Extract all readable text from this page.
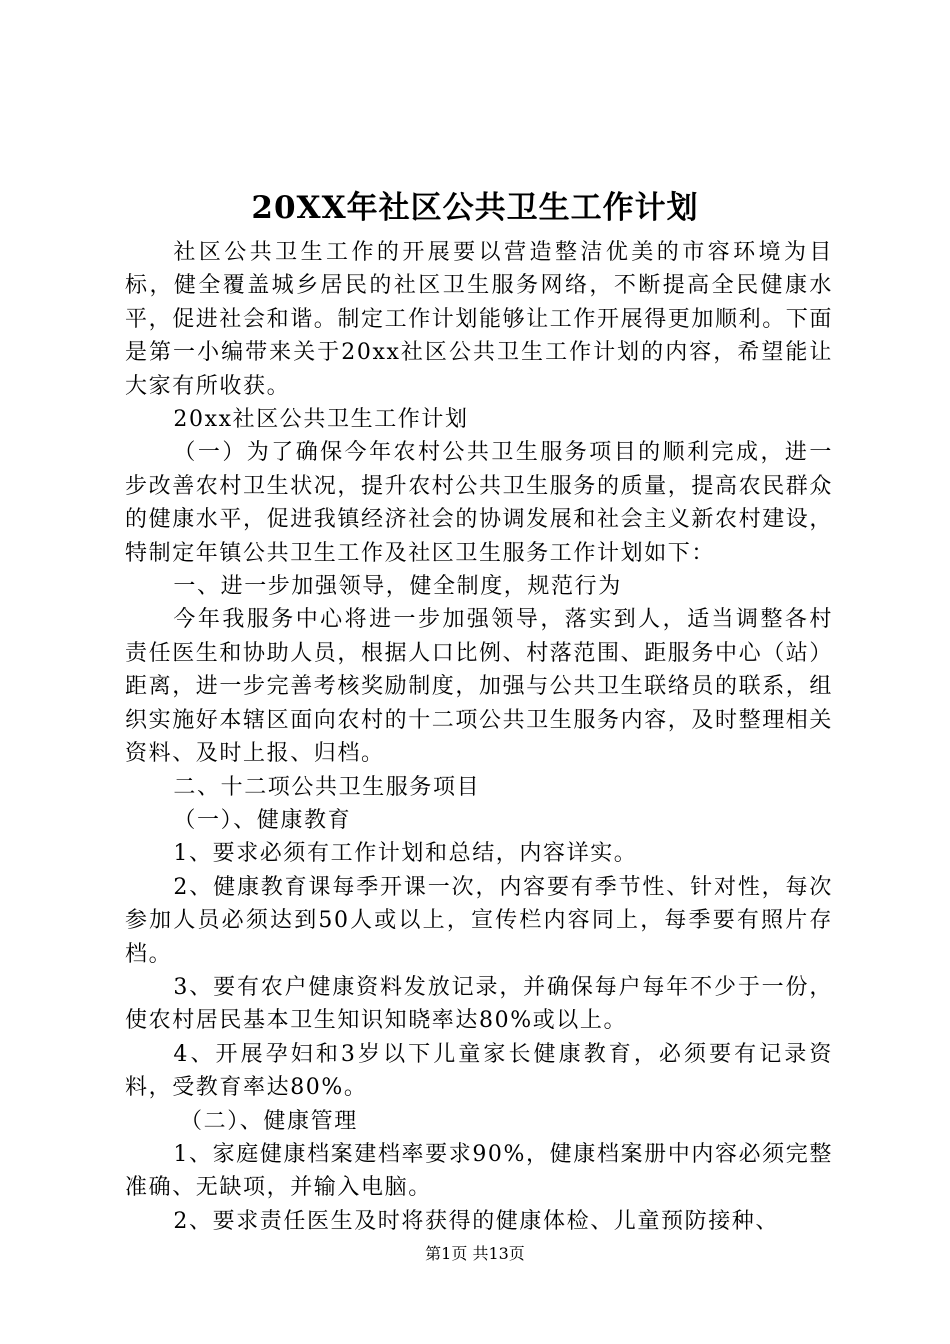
20XX年社区公共卫生工作计划

社区公共卫生工作的开展要以营造整洁优美的市容环境为目标，健全覆盖城乡居民的社区卫生服务网络，不断提高全民健康水平，促进社会和谐。制定工作计划能够让工作开展得更加顺利。下面是第一小编带来关于20xx社区公共卫生工作计划的内容，希望能让大家有所收获。

20xx社区公共卫生工作计划

（一）为了确保今年农村公共卫生服务项目的顺利完成，进一步改善农村卫生状况，提升农村公共卫生服务的质量，提高农民群众的健康水平，促进我镇经济社会的协调发展和社会主义新农村建设，特制定年镇公共卫生工作及社区卫生服务工作计划如下：

一、进一步加强领导，健全制度，规范行为

今年我服务中心将进一步加强领导，落实到人，适当调整各村责任医生和协助人员，根据人口比例、村落范围、距服务中心（站）距离，进一步完善考核奖励制度，加强与公共卫生联络员的联系，组织实施好本辖区面向农村的十二项公共卫生服务内容，及时整理相关资料、及时上报、归档。

二、十二项公共卫生服务项目

（一）、健康教育

1、要求必须有工作计划和总结，内容详实。

2、健康教育课每季开课一次，内容要有季节性、针对性，每次参加人员必须达到50人或以上，宣传栏内容同上，每季要有照片存档。

3、要有农户健康资料发放记录，并确保每户每年不少于一份，使农村居民基本卫生知识知晓率达80%或以上。

4、开展孕妇和3岁以下儿童家长健康教育，必须要有记录资料，受教育率达80%。

（二）、健康管理

1、家庭健康档案建档率要求90%，健康档案册中内容必须完整准确、无缺项，并输入电脑。

2、要求责任医生及时将获得的健康体检、儿童预防接种、

第1页 共13页
